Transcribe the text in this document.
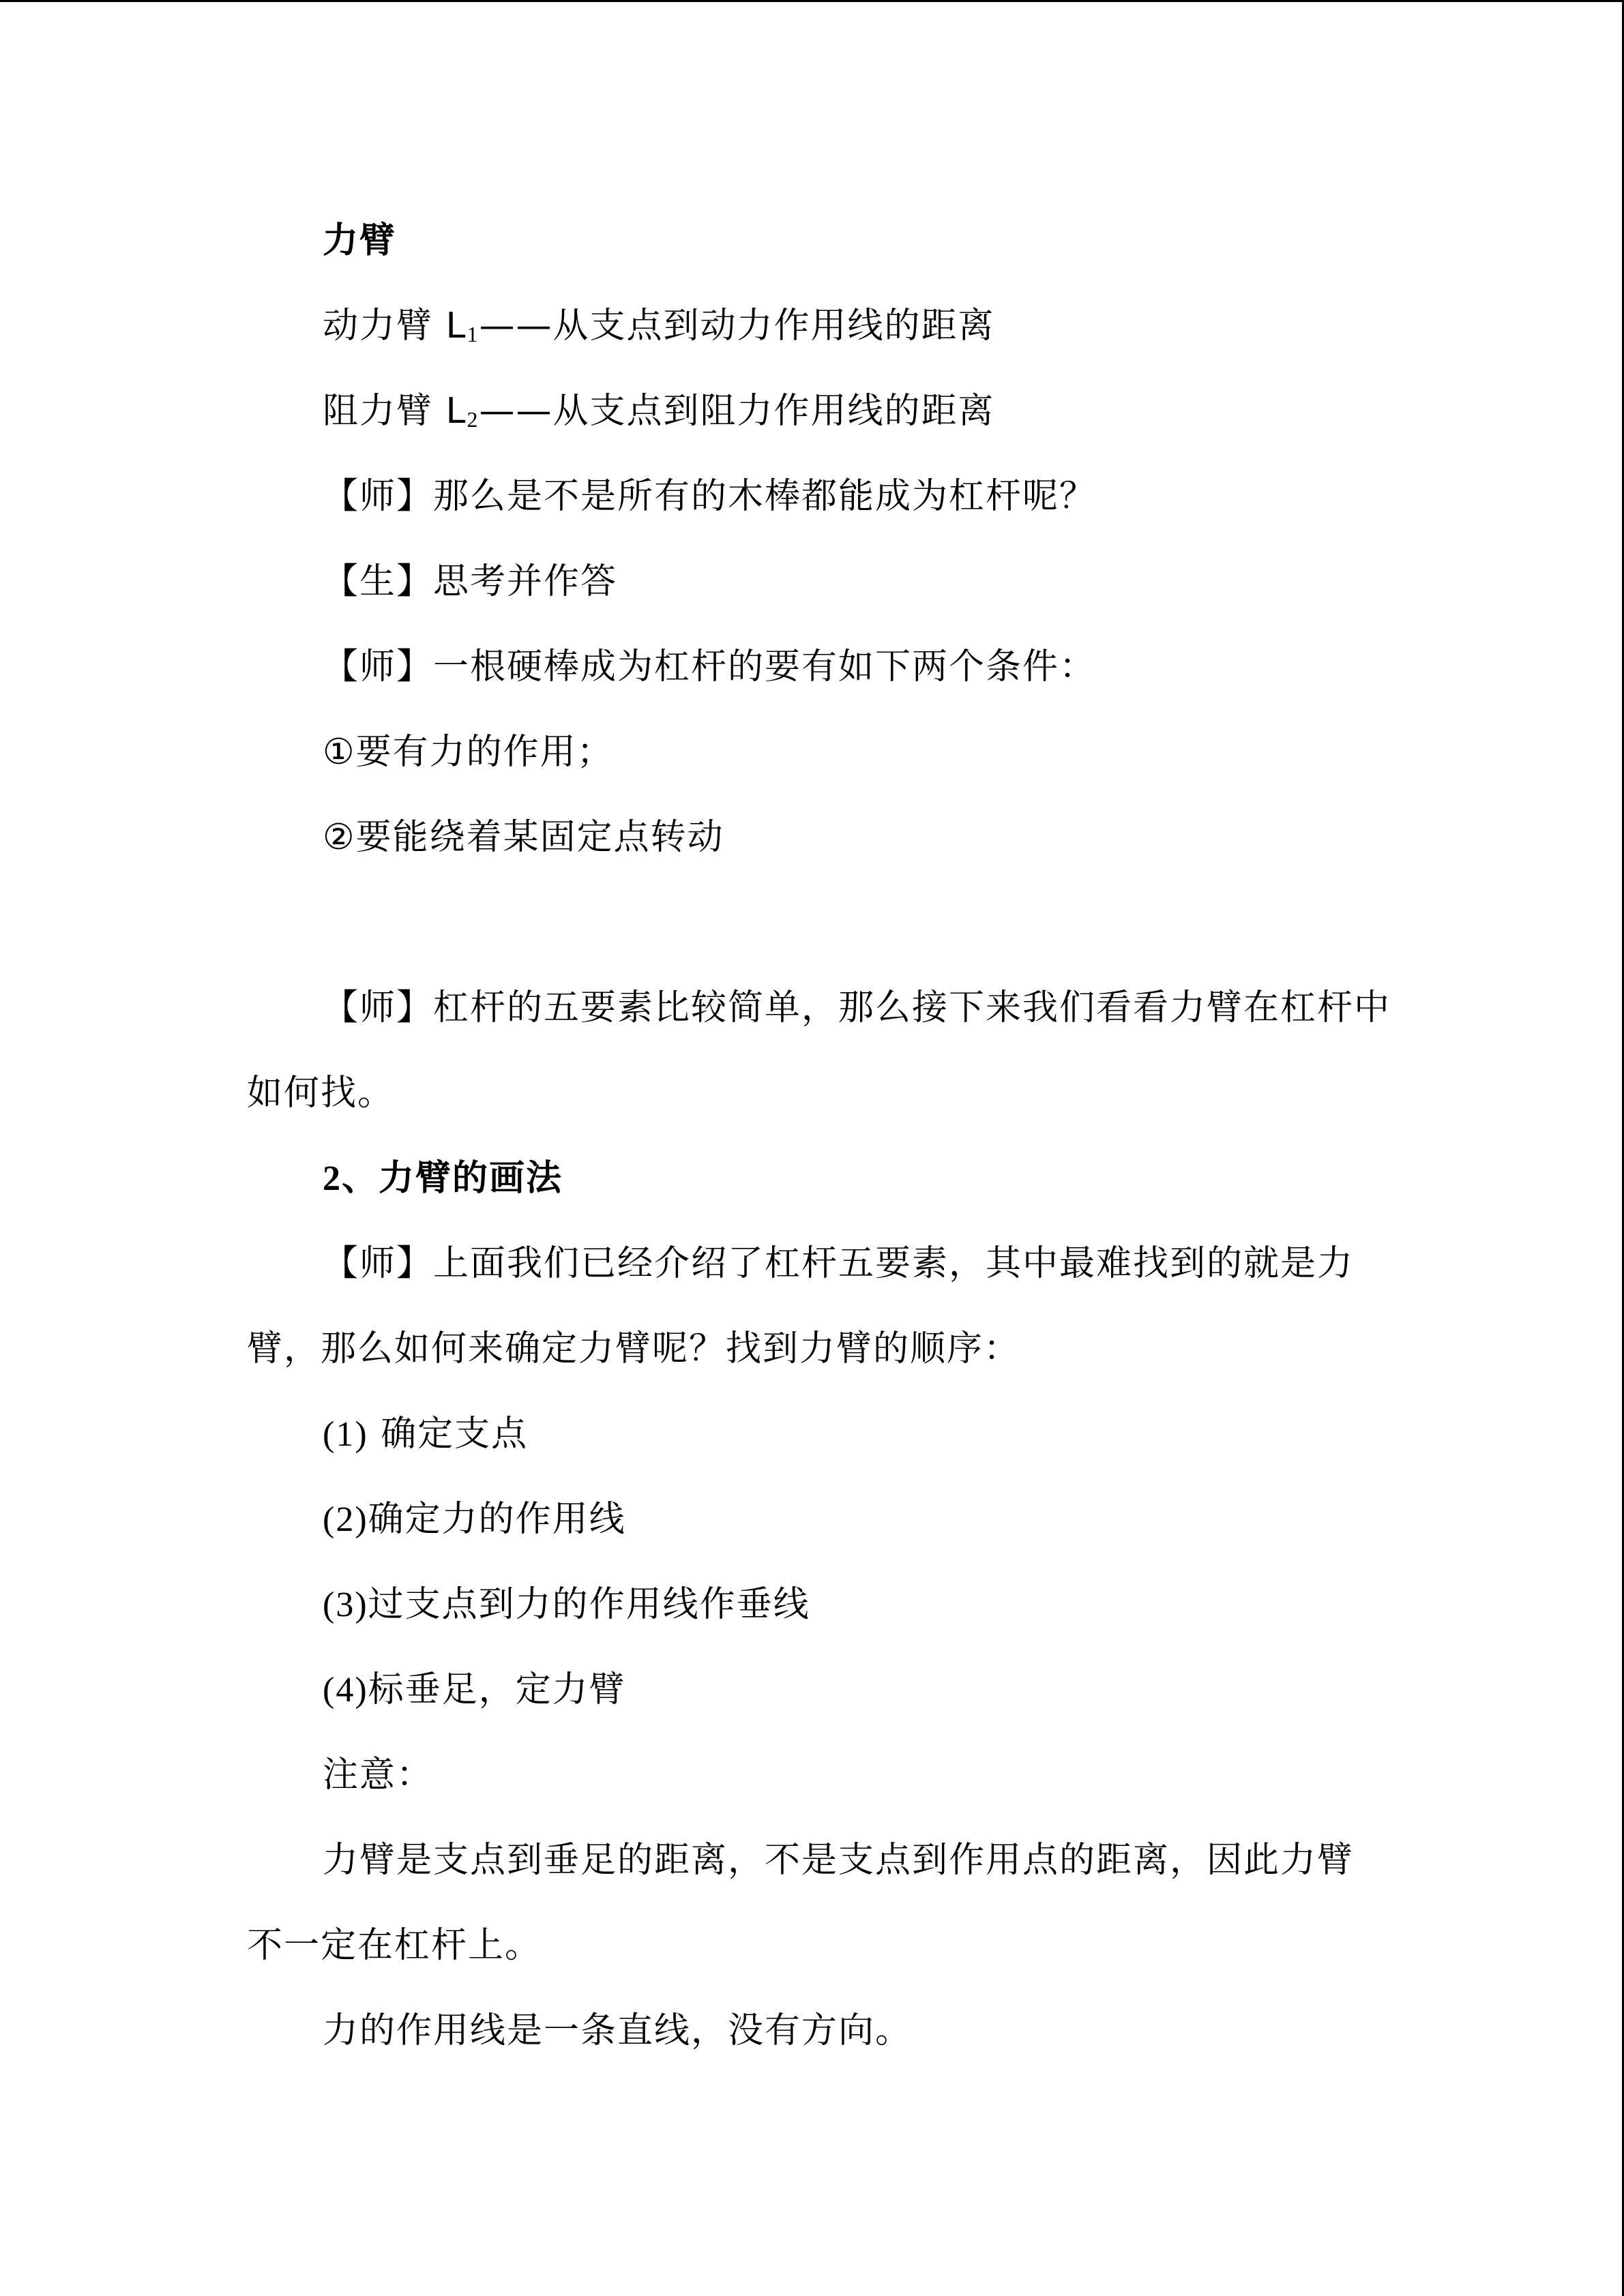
力臂
动力臂 $L_1——$从支点到动力作用线的距离
阻力臂 $L_2——$从支点到阻力作用线的距离
【师】那么是不是所有的木棒都能成为杠杆呢？
【生】思考并作答
【师】一根硬棒成为杠杆的要有如下两个条件：
①要有力的作用；
②要能绕着某固定点转动
【师】杠杆的五要素比较简单，那么接下来我们看看力臂在杠杆中
如何找。
2、力臂的画法
【师】上面我们已经介绍了杠杆五要素，其中最难找到的就是力
臂，那么如何来确定力臂呢？找到力臂的顺序：
(1) 确定支点
(2)确定力的作用线
(3)过支点到力的作用线作垂线
(4)标垂足，定力臂
注意：
力臂是支点到垂足的距离，不是支点到作用点的距离，因此力臂
不一定在杠杆上。
力的作用线是一条直线，没有方向。
